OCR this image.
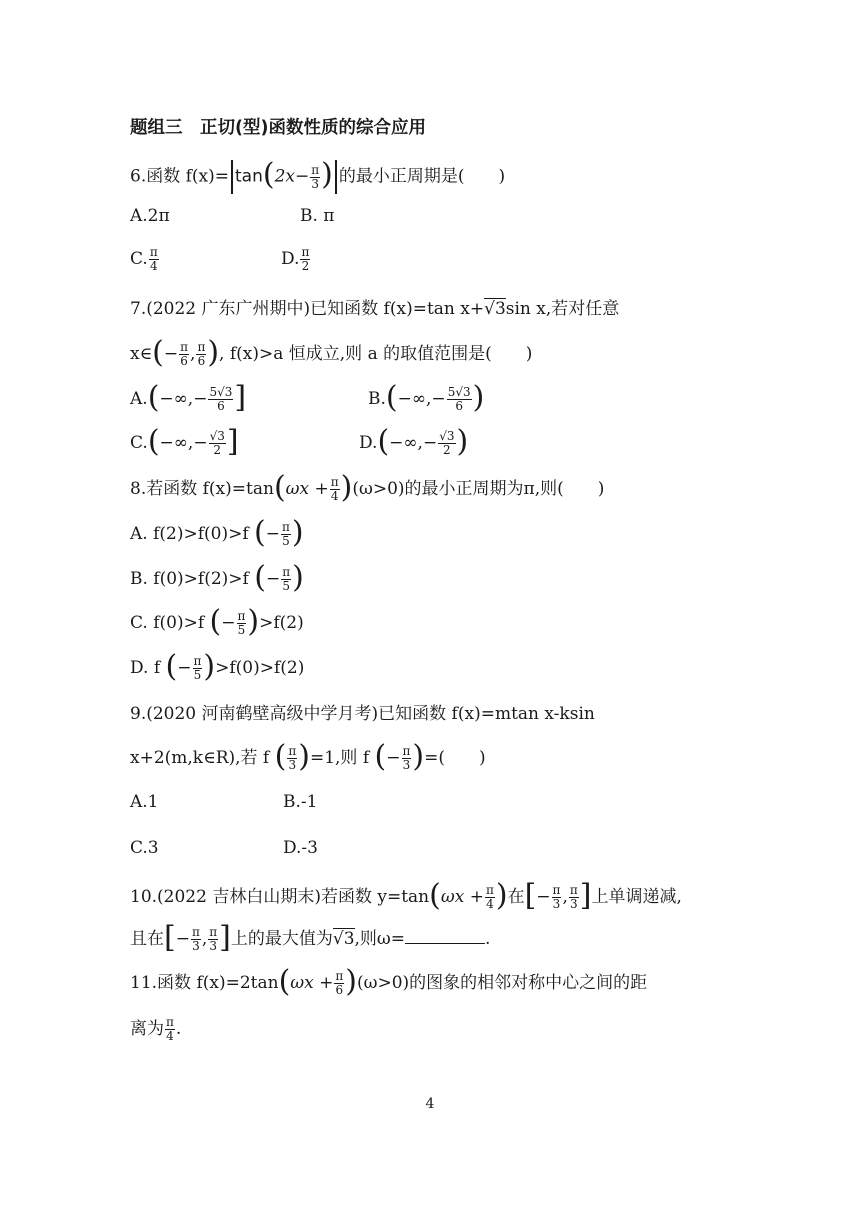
题组三　正切(型)函数性质的综合应用
6.函数 $f(x)= \tan(2x- \frac{\pi}{3}$ ) 的最小正周期是(　　)
A.2π	B. π
C. $\frac{\pi}{4}$	D. $\frac{\pi}{2}$
7.(2022 广东广州期中)已知函数 f(x)=tan x+√3sin x,若对任意
x∈(− $\frac{\pi}{6}$ , $\frac{\pi}{6}$ ), f(x)>a 恒成立,则 a 的取值范围是(　　)
$A.(-\infty,- \frac{5√3}{6}$ ]	$B.(-\infty,- \frac{5√3}{6}$ )
$C.(-\infty,- \frac{√3}{2}$ ]	$D.(-\infty,- \frac{√3}{2}$ )
8.若函数 $f(x)=\tan(\omega x + \frac{\pi}{4} )(\omega>0)$的最小正周期为π,则(　　)
A. f(2)>f(0)>f (− $\frac{\pi}{5}$ )
B. f(0)>f(2)>f (− $\frac{\pi}{5}$ )
C. f(0)>f (− $\frac{\pi}{5} )>f(2)$
D. f (− $\frac{\pi}{5} )>f(0)>f(2)$
9.(2020 河南鹤壁高级中学月考)已知函数 f(x)=mtan x-ksin
x+2(m,k∈R),若 f ( $\frac{\pi}{3} )=1$,则 f (− $\frac{\pi}{3}$ )=(　　)
A.1	B.-1
C.3	D.-3
10.(2022 吉林白山期末)若函数 $y=\tan(\omega x + \frac{\pi}{4}$ )在[− $\frac{\pi}{3}$ , $\frac{\pi}{3}$ ]上单调递减,
且在[− $\frac{\pi}{3}$ , $\frac{\pi}{3}$ ]上的最大值为√3,则ω=	.
11.函数 $f(x)=2\tan(\omega x + \frac{\pi}{6} )(\omega>0)$的图象的相邻对称中心之间的距
离为 $\frac{\pi}{4}$ .
4
